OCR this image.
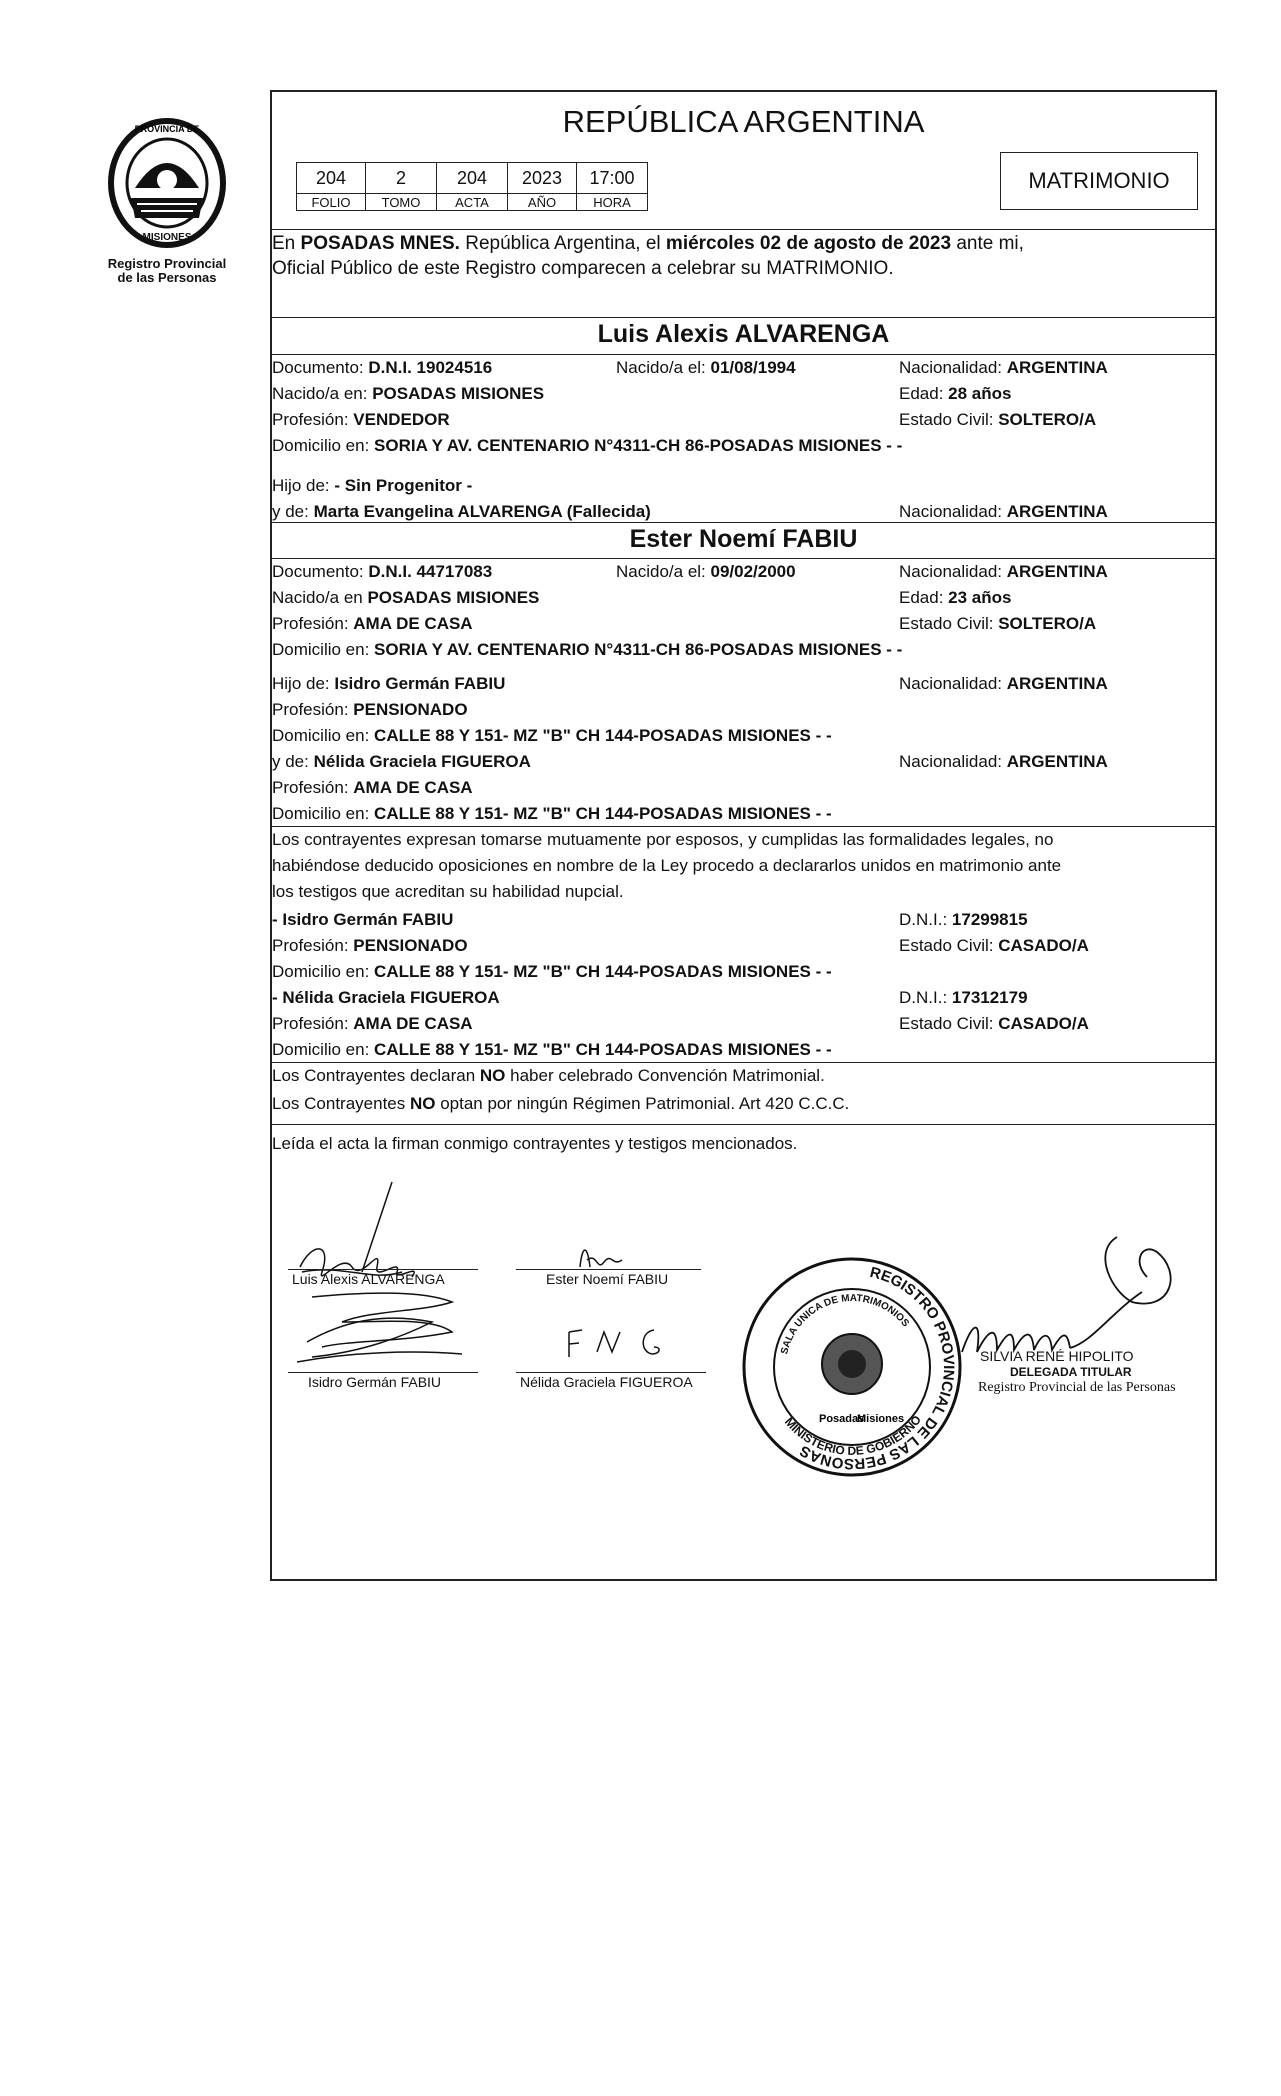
PROVINCIA DE
MISIONES
Registro Provincial
de las Personas
REPÚBLICA ARGENTINA
204	2	204	2023	17:00
FOLIO	TOMO	ACTA	AÑO	HORA
MATRIMONIO
En POSADAS MNES. República Argentina, el miércoles 02 de agosto de 2023 ante mi,
Oficial Público de este Registro comparecen a celebrar su MATRIMONIO.
Luis Alexis ALVARENGA
Documento: D.N.I. 19024516	Nacido/a el: 01/08/1994	Nacionalidad: ARGENTINA
Nacido/a en: POSADAS MISIONES	Edad: 28 años
Profesión: VENDEDOR	Estado Civil: SOLTERO/A
Domicilio en: SORIA Y AV. CENTENARIO N°4311-CH 86-POSADAS MISIONES - -
Hijo de: - Sin Progenitor -
y de: Marta Evangelina ALVARENGA (Fallecida)	Nacionalidad: ARGENTINA
Ester Noemí FABIU
Documento: D.N.I. 44717083	Nacido/a el: 09/02/2000	Nacionalidad: ARGENTINA
Nacido/a en POSADAS MISIONES	Edad: 23 años
Profesión: AMA DE CASA	Estado Civil: SOLTERO/A
Domicilio en: SORIA Y AV. CENTENARIO N°4311-CH 86-POSADAS MISIONES - -
Hijo de: Isidro Germán FABIU	Nacionalidad: ARGENTINA
Profesión: PENSIONADO
Domicilio en: CALLE 88 Y 151- MZ "B" CH 144-POSADAS MISIONES - -
y de: Nélida Graciela FIGUEROA	Nacionalidad: ARGENTINA
Profesión: AMA DE CASA
Domicilio en: CALLE 88 Y 151- MZ "B" CH 144-POSADAS MISIONES - -
Los contrayentes expresan tomarse mutuamente por esposos, y cumplidas las formalidades legales, no
habiéndose deducido oposiciones en nombre de la Ley procedo a declararlos unidos en matrimonio ante
los testigos que acreditan su habilidad nupcial.
- Isidro Germán FABIU	D.N.I.: 17299815
Profesión: PENSIONADO	Estado Civil: CASADO/A
Domicilio en: CALLE 88 Y 151- MZ "B" CH 144-POSADAS MISIONES - -
- Nélida Graciela FIGUEROA	D.N.I.: 17312179
Profesión: AMA DE CASA	Estado Civil: CASADO/A
Domicilio en: CALLE 88 Y 151- MZ "B" CH 144-POSADAS MISIONES - -
Los Contrayentes declaran NO haber celebrado Convención Matrimonial.
Los Contrayentes NO optan por ningún Régimen Patrimonial. Art 420 C.C.C.
Leída el acta la firman conmigo contrayentes y testigos mencionados.
Luis Alexis ALVARENGA	Ester Noemí FABIU
Isidro Germán FABIU	Nélida Graciela FIGUEROA
REGISTRO PROVINCIAL DE LAS PERSONAS
SALA UNICA DE MATRIMONIOS
MINISTERIO DE GOBIERNO
Posadas
Misiones
SILVIA RENÉ HIPOLITO
DELEGADA TITULAR
Registro Provincial de las Personas
